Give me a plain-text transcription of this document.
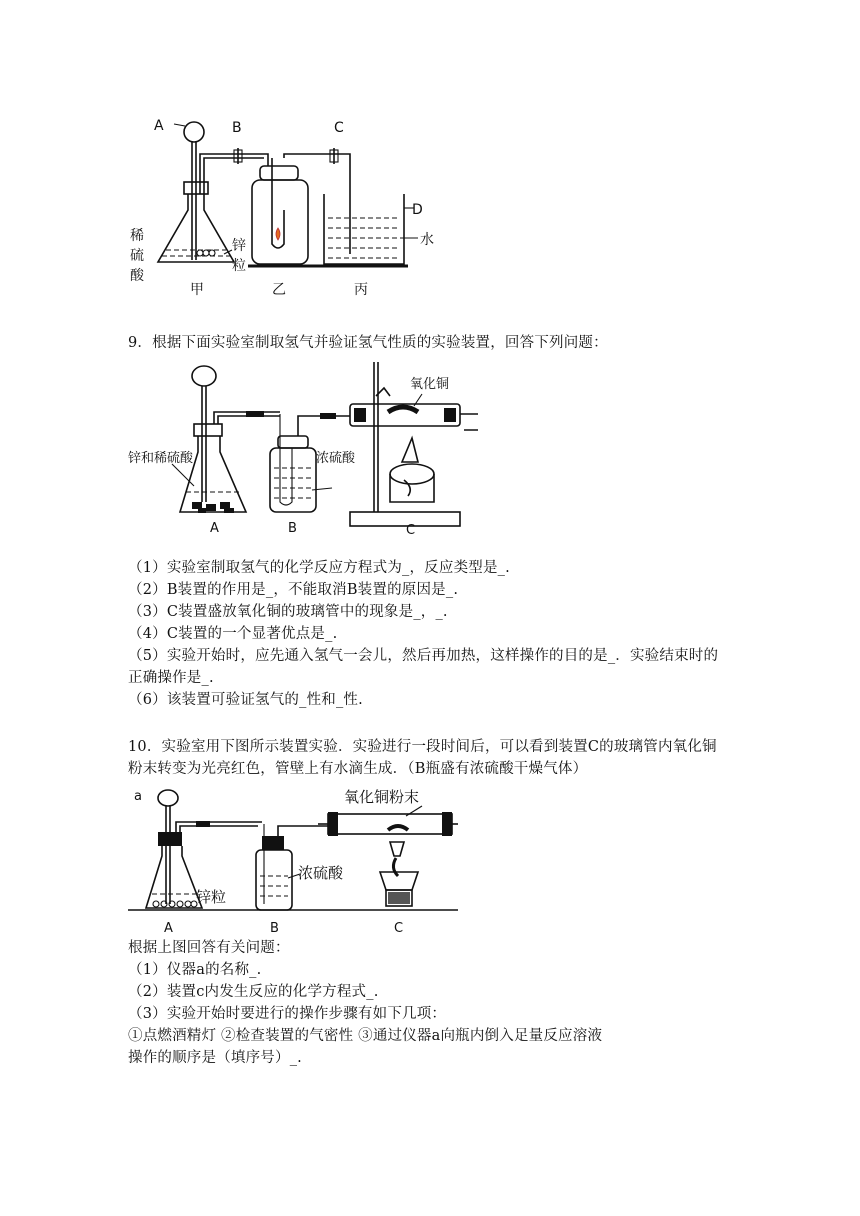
A	B	C
D
水
稀
硫
酸
锌
粒
甲	乙	丙
9．根据下面实验室制取氢气并验证氢气性质的实验装置，回答下列问题：
氧化铜
锌和稀硫酸	浓硫酸
A	B	C
（1）实验室制取氢气的化学反应方程式为_，反应类型是_.
（2）B装置的作用是_，不能取消B装置的原因是_.
（3）C装置盛放氧化铜的玻璃管中的现象是_，_.
（4）C装置的一个显著优点是_.
（5）实验开始时，应先通入氢气一会儿，然后再加热，这样操作的目的是_．实验结束时的
正确操作是_.
（6）该装置可验证氢气的_性和_性.
10．实验室用下图所示装置实验．实验进行一段时间后，可以看到装置C的玻璃管内氧化铜
粉末转变为光亮红色，管壁上有水滴生成．（B瓶盛有浓硫酸干燥气体）
a	氧化铜粉末
锌粒
浓硫酸
A	B	C
根据上图回答有关问题：
（1）仪器a的名称_.
（2）装置c内发生反应的化学方程式_.
（3）实验开始时要进行的操作步骤有如下几项：
①点燃酒精灯 ②检查装置的气密性 ③通过仪器a向瓶内倒入足量反应溶液
操作的顺序是（填序号）_.
